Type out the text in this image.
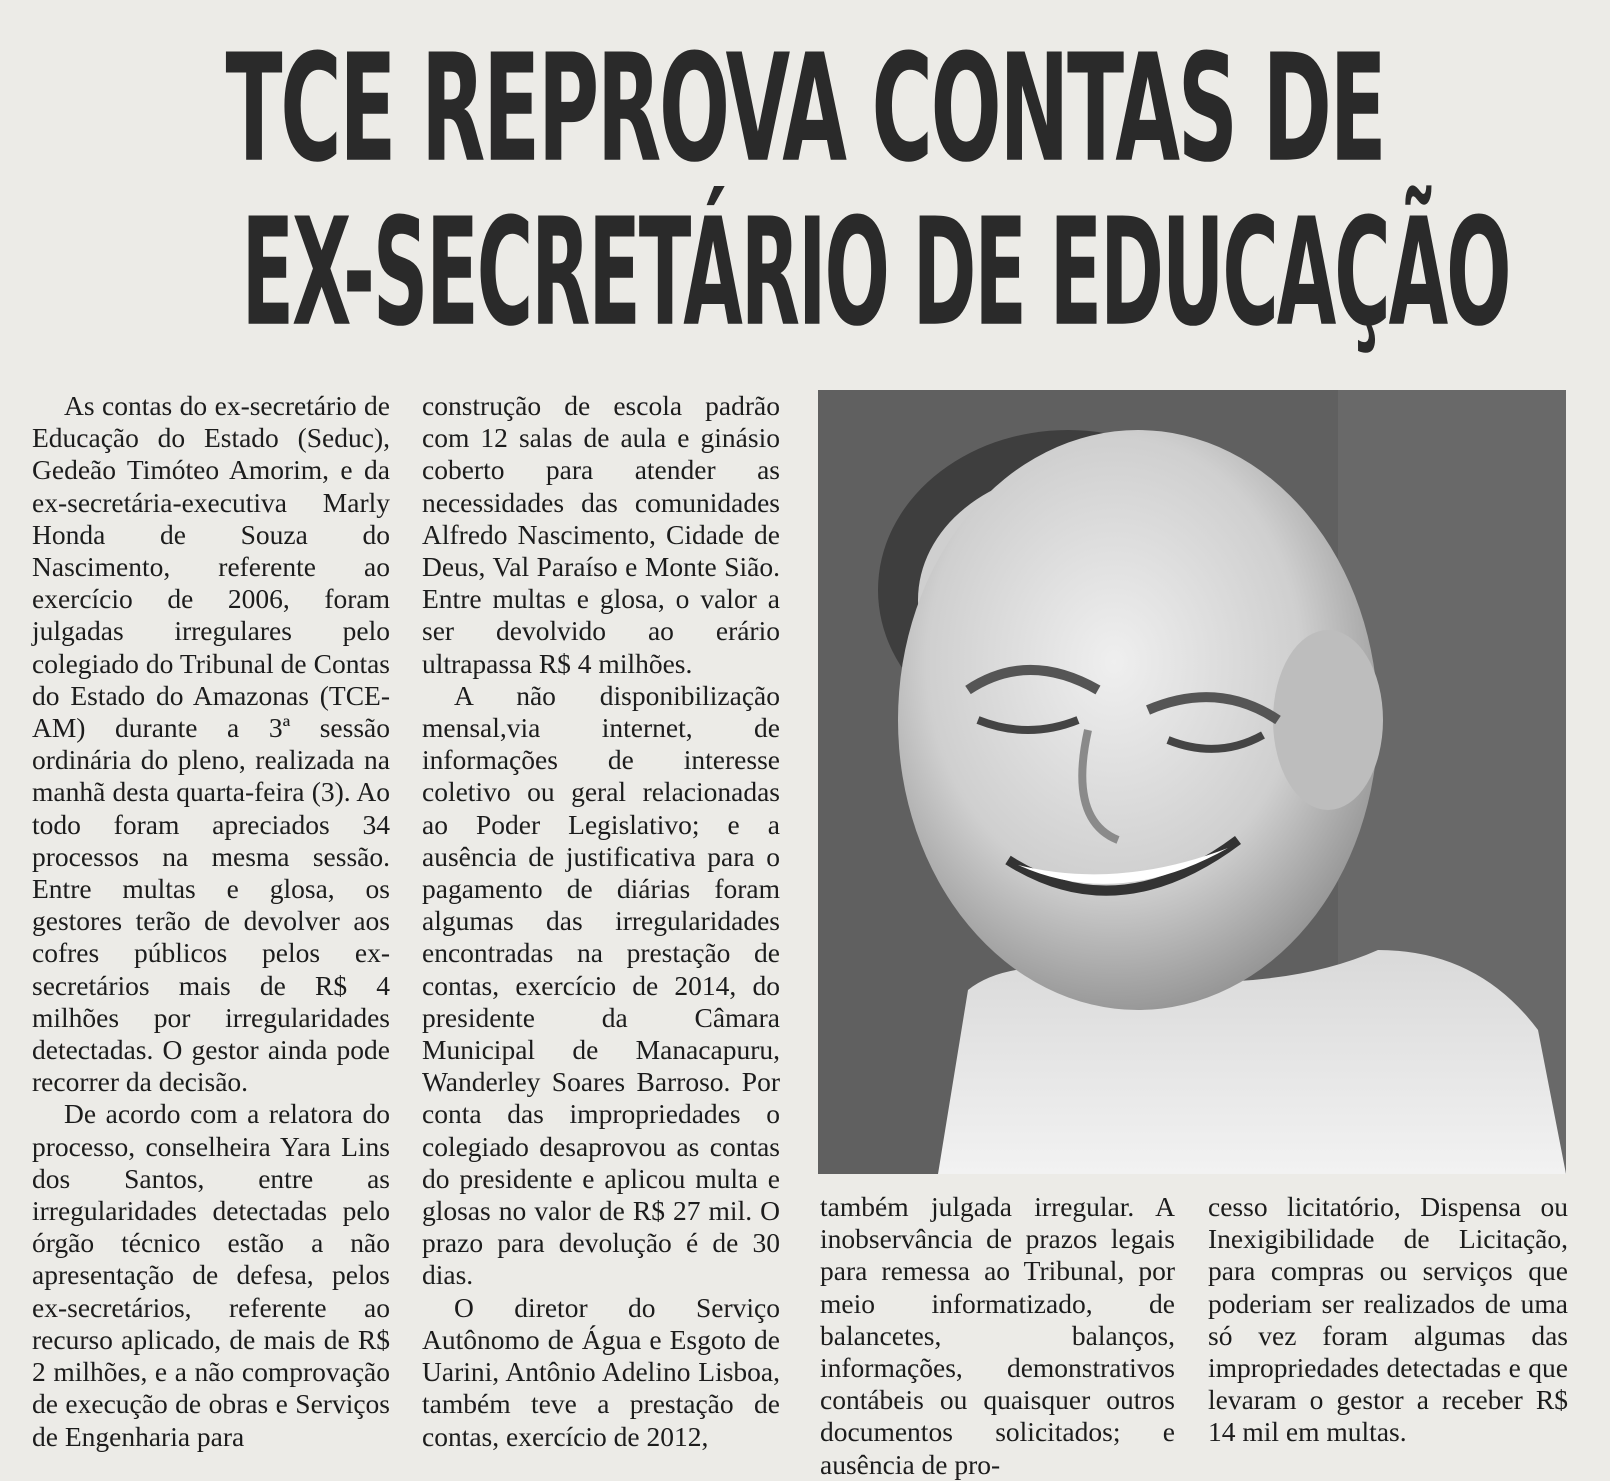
TCE REPROVA CONTAS DE
EX-SECRETÁRIO DE EDUCAÇÃO

As contas do ex-secretário de Educação do Estado (Seduc), Gedeão Timóteo Amorim, e da ex-secretária-executiva Marly Honda de Souza do Nascimento, referente ao exercício de 2006, foram julgadas irregulares pelo colegiado do Tribunal de Contas do Estado do Amazonas (TCE-AM) durante a 3ª sessão ordinária do pleno, realizada na manhã desta quarta-feira (3). Ao todo foram apreciados 34 processos na mesma sessão. Entre multas e glosa, os gestores terão de devolver aos cofres públicos pelos ex-secretários mais de R$ 4 milhões por irregularidades detectadas. O gestor ainda pode recorrer da decisão.

De acordo com a relatora do processo, conselheira Yara Lins dos Santos, entre as irregularidades detectadas pelo órgão técnico estão a não apresentação de defesa, pelos ex-secretários, referente ao recurso aplicado, de mais de R$ 2 milhões, e a não comprovação de execução de obras e Serviços de Engenharia para

construção de escola padrão com 12 salas de aula e ginásio coberto para atender as necessidades das comunidades Alfredo Nascimento, Cidade de Deus, Val Paraíso e Monte Sião. Entre multas e glosa, o valor a ser devolvido ao erário ultrapassa R$ 4 milhões.

A não disponibilização mensal,via internet, de informações de interesse coletivo ou geral relacionadas ao Poder Legislativo; e a ausência de justificativa para o pagamento de diárias foram algumas das irregularidades encontradas na prestação de contas, exercício de 2014, do presidente da Câmara Municipal de Manacapuru, Wanderley Soares Barroso. Por conta das impropriedades o colegiado desaprovou as contas do presidente e aplicou multa e glosas no valor de R$ 27 mil. O prazo para devolução é de 30 dias.

O diretor do Serviço Autônomo de Água e Esgoto de Uarini, Antônio Adelino Lisboa, também teve a prestação de contas, exercício de 2012,

também julgada irregular. A inobservância de prazos legais para remessa ao Tribunal, por meio informatizado, de balancetes, balanços, informações, demonstrativos contábeis ou quaisquer outros documentos solicitados; e ausência de pro-

cesso licitatório, Dispensa ou Inexigibilidade de Licitação, para compras ou serviços que poderiam ser realizados de uma só vez foram algumas das impropriedades detectadas e que levaram o gestor a receber R$ 14 mil em multas.
